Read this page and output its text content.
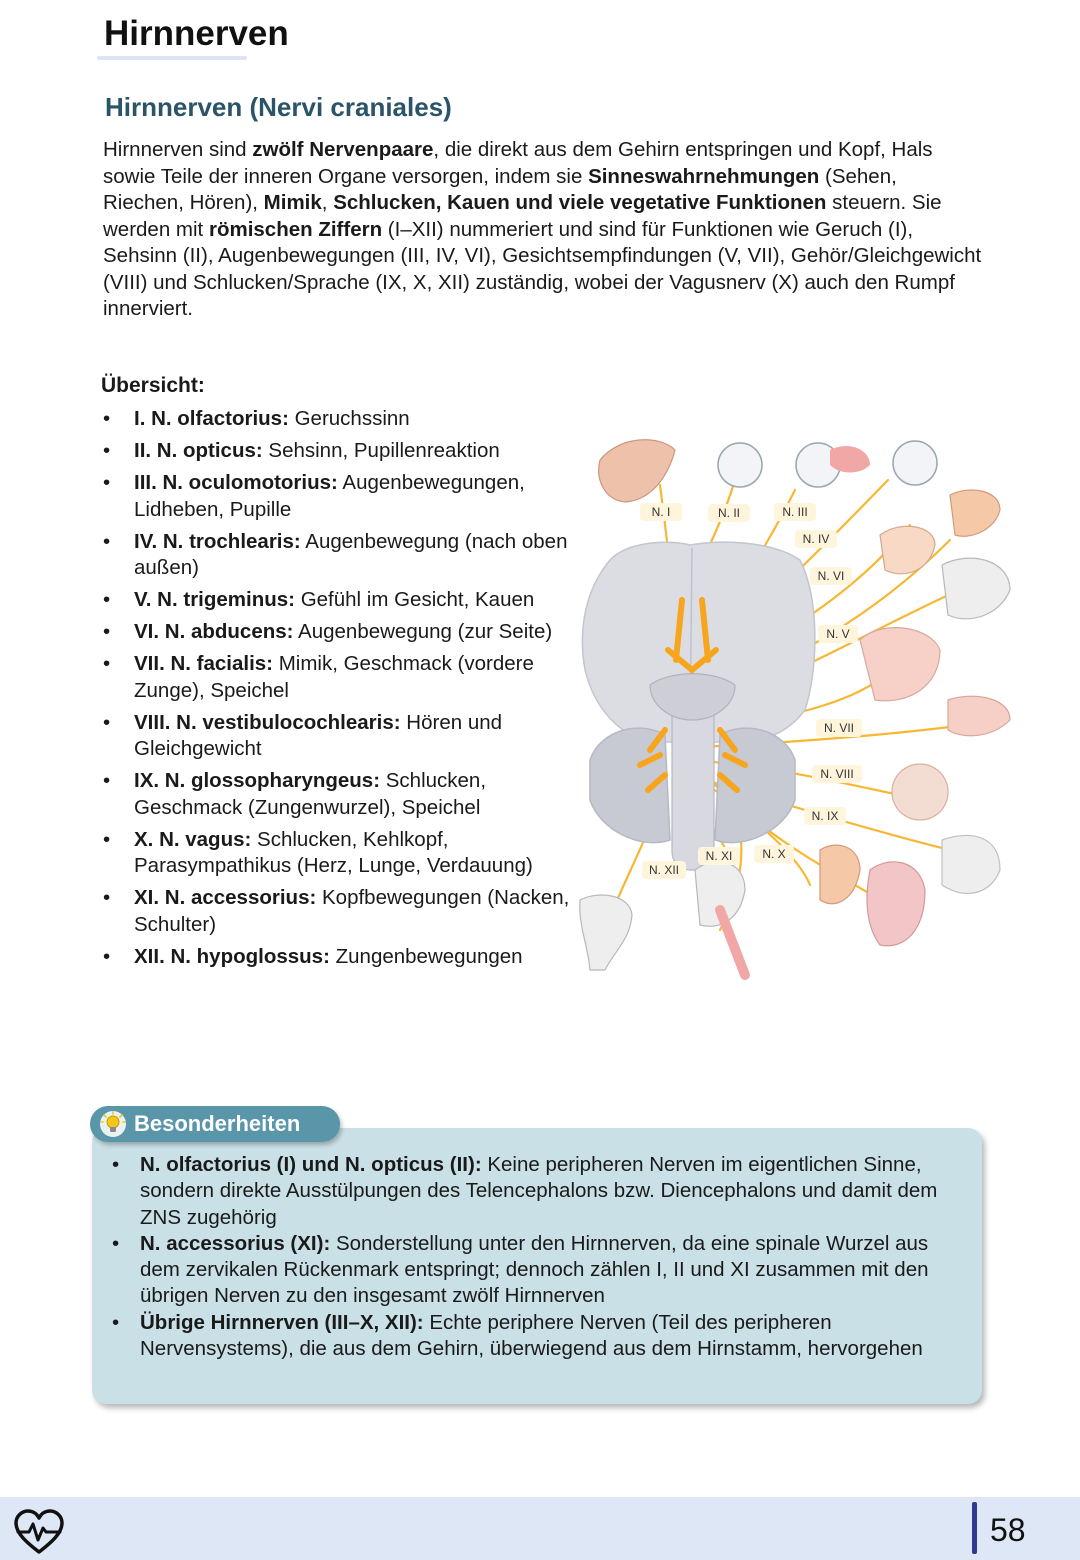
Hirnnerven
Hirnnerven (Nervi craniales)

Hirnnerven sind zwölf Nervenpaare, die direkt aus dem Gehirn entspringen und Kopf, Hals sowie Teile der inneren Organe versorgen, indem sie Sinneswahrnehmungen (Sehen, Riechen, Hören), Mimik, Schlucken, Kauen und viele vegetative Funktionen steuern. Sie werden mit römischen Ziffern (I–XII) nummeriert und sind für Funktionen wie Geruch (I), Sehsinn (II), Augenbewegungen (III, IV, VI), Gesichtsempfindungen (V, VII), Gehör/Gleichgewicht (VIII) und Schlucken/Sprache (IX, X, XII) zuständig, wobei der Vagusnerv (X) auch den Rumpf innerviert.

Übersicht:
• I. N. olfactorius: Geruchssinn
• II. N. opticus: Sehsinn, Pupillenreaktion
• III. N. oculomotorius: Augenbewegungen, Lidheben, Pupille
• IV. N. trochlearis: Augenbewegung (nach oben außen)
• V. N. trigeminus: Gefühl im Gesicht, Kauen
• VI. N. abducens: Augenbewegung (zur Seite)
• VII. N. facialis: Mimik, Geschmack (vordere Zunge), Speichel
• VIII. N. vestibulocochlearis: Hören und Gleichgewicht
• IX. N. glossopharyngeus: Schlucken, Geschmack (Zungenwurzel), Speichel
• X. N. vagus: Schlucken, Kehlkopf, Parasympathikus (Herz, Lunge, Verdauung)
• XI. N. accessorius: Kopfbewegungen (Nacken, Schulter)
• XII. N. hypoglossus: Zungenbewegungen
N. I	N. II	N. III
N. IV
N. VI
N. V
N. VII
N. VIII
N. IX
N. X
N. XI
N. XII
Besonderheiten
• N. olfactorius (I) und N. opticus (II): Keine peripheren Nerven im eigentlichen Sinne, sondern direkte Ausstülpungen des Telencephalons bzw. Diencephalons und damit dem ZNS zugehörig
• N. accessorius (XI): Sonderstellung unter den Hirnnerven, da eine spinale Wurzel aus dem zervikalen Rückenmark entspringt; dennoch zählen I, II und XI zusammen mit den übrigen Nerven zu den insgesamt zwölf Hirnnerven
• Übrige Hirnnerven (III–X, XII): Echte periphere Nerven (Teil des peripheren Nervensystems), die aus dem Gehirn, überwiegend aus dem Hirnstamm, hervorgehen
58
